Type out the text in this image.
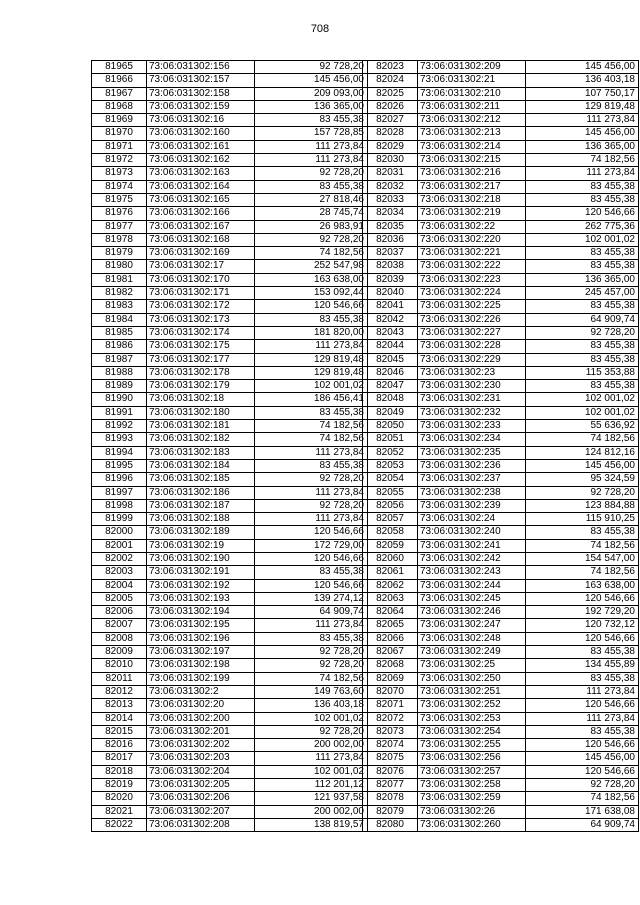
708
81965	73:06:031302:156	92 728,20
81966	73:06:031302:157	145 456,00
81967	73:06:031302:158	209 093,00
81968	73:06:031302:159	136 365,00
81969	73:06:031302:16	83 455,38
81970	73:06:031302:160	157 728,85
81971	73:06:031302:161	111 273,84
81972	73:06:031302:162	111 273,84
81973	73:06:031302:163	92 728,20
81974	73:06:031302:164	83 455,38
81975	73:06:031302:165	27 818,46
81976	73:06:031302:166	28 745,74
81977	73:06:031302:167	26 983,91
81978	73:06:031302:168	92 728,20
81979	73:06:031302:169	74 182,56
81980	73:06:031302:17	252 547,98
81981	73:06:031302:170	163 638,00
81982	73:06:031302:171	153 092,44
81983	73:06:031302:172	120 546,66
81984	73:06:031302:173	83 455,38
81985	73:06:031302:174	181 820,00
81986	73:06:031302:175	111 273,84
81987	73:06:031302:177	129 819,48
81988	73:06:031302:178	129 819,48
81989	73:06:031302:179	102 001,02
81990	73:06:031302:18	186 456,41
81991	73:06:031302:180	83 455,38
81992	73:06:031302:181	74 182,56
81993	73:06:031302:182	74 182,56
81994	73:06:031302:183	111 273,84
81995	73:06:031302:184	83 455,38
81996	73:06:031302:185	92 728,20
81997	73:06:031302:186	111 273,84
81998	73:06:031302:187	92 728,20
81999	73:06:031302:188	111 273,84
82000	73:06:031302:189	120 546,66
82001	73:06:031302:19	172 729,00
82002	73:06:031302:190	120 546,66
82003	73:06:031302:191	83 455,38
82004	73:06:031302:192	120 546,66
82005	73:06:031302:193	139 274,12
82006	73:06:031302:194	64 909,74
82007	73:06:031302:195	111 273,84
82008	73:06:031302:196	83 455,38
82009	73:06:031302:197	92 728,20
82010	73:06:031302:198	92 728,20
82011	73:06:031302:199	74 182,56
82012	73:06:031302:2	149 763,60
82013	73:06:031302:20	136 403,18
82014	73:06:031302:200	102 001,02
82015	73:06:031302:201	92 728,20
82016	73:06:031302:202	200 002,00
82017	73:06:031302:203	111 273,84
82018	73:06:031302:204	102 001,02
82019	73:06:031302:205	112 201,12
82020	73:06:031302:206	121 937,58
82021	73:06:031302:207	200 002,00
82022	73:06:031302:208	138 819,57
82023	73:06:031302:209	145 456,00
82024	73:06:031302:21	136 403,18
82025	73:06:031302:210	107 750,17
82026	73:06:031302:211	129 819,48
82027	73:06:031302:212	111 273,84
82028	73:06:031302:213	145 456,00
82029	73:06:031302:214	136 365,00
82030	73:06:031302:215	74 182,56
82031	73:06:031302:216	111 273,84
82032	73:06:031302:217	83 455,38
82033	73:06:031302:218	83 455,38
82034	73:06:031302:219	120 546,66
82035	73:06:031302:22	262 775,36
82036	73:06:031302:220	102 001,02
82037	73:06:031302:221	83 455,38
82038	73:06:031302:222	83 455,38
82039	73:06:031302:223	136 365,00
82040	73:06:031302:224	245 457,00
82041	73:06:031302:225	83 455,38
82042	73:06:031302:226	64 909,74
82043	73:06:031302:227	92 728,20
82044	73:06:031302:228	83 455,38
82045	73:06:031302:229	83 455,38
82046	73:06:031302:23	115 353,88
82047	73:06:031302:230	83 455,38
82048	73:06:031302:231	102 001,02
82049	73:06:031302:232	102 001,02
82050	73:06:031302:233	55 636,92
82051	73:06:031302:234	74 182,56
82052	73:06:031302:235	124 812,16
82053	73:06:031302:236	145 456,00
82054	73:06:031302:237	95 324,59
82055	73:06:031302:238	92 728,20
82056	73:06:031302:239	123 884,88
82057	73:06:031302:24	115 910,25
82058	73:06:031302:240	83 455,38
82059	73:06:031302:241	74 182,56
82060	73:06:031302:242	154 547,00
82061	73:06:031302:243	74 182,56
82062	73:06:031302:244	163 638,00
82063	73:06:031302:245	120 546,66
82064	73:06:031302:246	192 729,20
82065	73:06:031302:247	120 732,12
82066	73:06:031302:248	120 546,66
82067	73:06:031302:249	83 455,38
82068	73:06:031302:25	134 455,89
82069	73:06:031302:250	83 455,38
82070	73:06:031302:251	111 273,84
82071	73:06:031302:252	120 546,66
82072	73:06:031302:253	111 273,84
82073	73:06:031302:254	83 455,38
82074	73:06:031302:255	120 546,66
82075	73:06:031302:256	145 456,00
82076	73:06:031302:257	120 546,66
82077	73:06:031302:258	92 728,20
82078	73:06:031302:259	74 182,56
82079	73:06:031302:26	171 638,08
82080	73:06:031302:260	64 909,74
